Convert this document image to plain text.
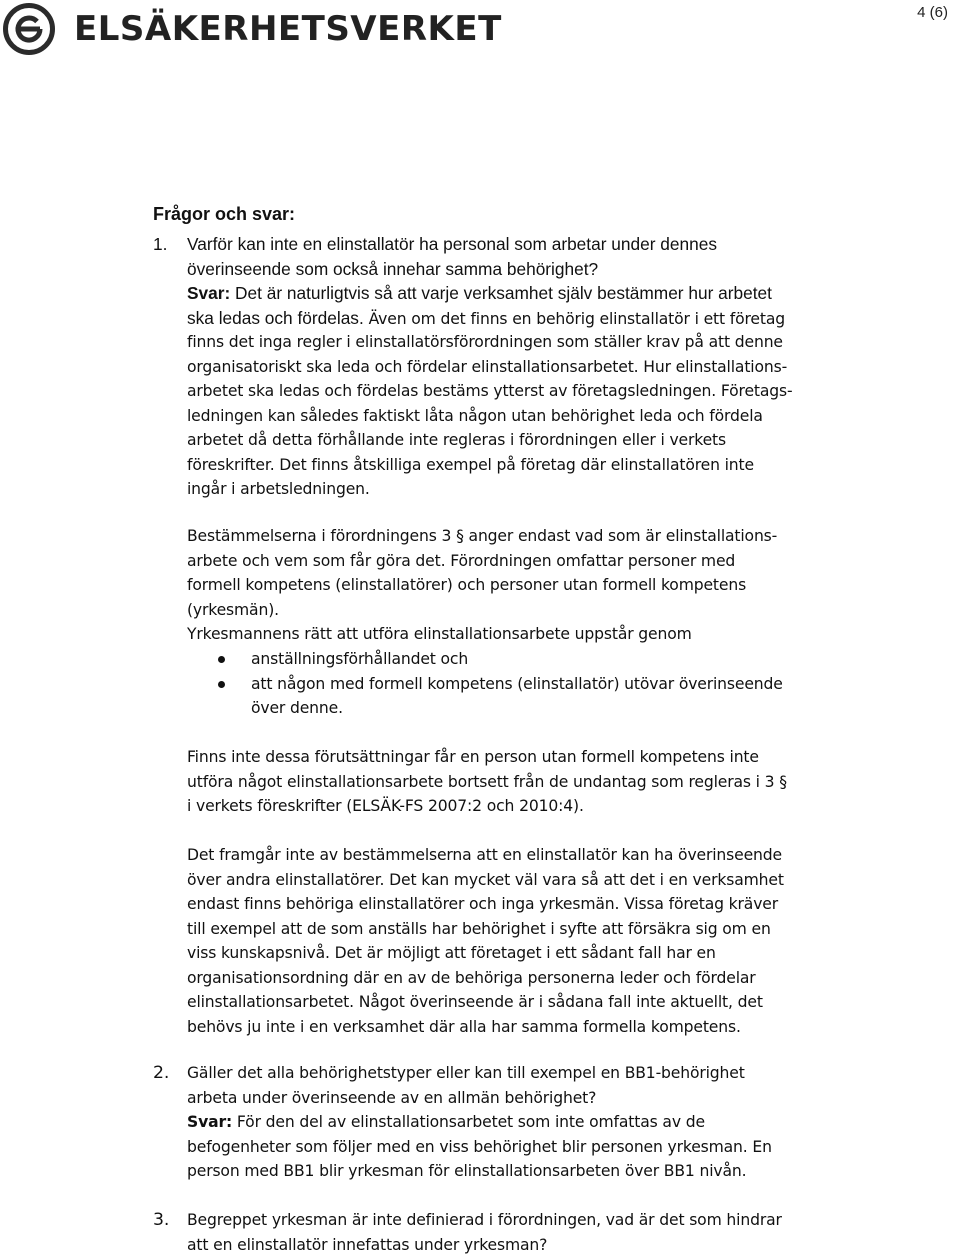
ELSÄKERHETSVERKET	4 (6)
Frågor och svar:
1. Varför kan inte en elinstallatör ha personal som arbetar under dennes
överinseende som också innehar samma behörighet?
Svar: Det är naturligtvis så att varje verksamhet själv bestämmer hur arbetet
ska ledas och fördelas. Även om det finns en behörig elinstallatör i ett företag
finns det inga regler i elinstallatörsförordningen som ställer krav på att denne
organisatoriskt ska leda och fördelar elinstallationsarbetet. Hur elinstallations-
arbetet ska ledas och fördelas bestäms ytterst av företagsledningen. Företags-
ledningen kan således faktiskt låta någon utan behörighet leda och fördela
arbetet då detta förhållande inte regleras i förordningen eller i verkets
föreskrifter. Det finns åtskilliga exempel på företag där elinstallatören inte
ingår i arbetsledningen.
Bestämmelserna i förordningens 3 § anger endast vad som är elinstallations-
arbete och vem som får göra det. Förordningen omfattar personer med
formell kompetens (elinstallatörer) och personer utan formell kompetens
(yrkesmän).
Yrkesmannens rätt att utföra elinstallationsarbete uppstår genom
anställningsförhållandet och
att någon med formell kompetens (elinstallatör) utövar överinseende
över denne.
Finns inte dessa förutsättningar får en person utan formell kompetens inte
utföra något elinstallationsarbete bortsett från de undantag som regleras i 3 §
i verkets föreskrifter (ELSÄK-FS 2007:2 och 2010:4).
Det framgår inte av bestämmelserna att en elinstallatör kan ha överinseende
över andra elinstallatörer. Det kan mycket väl vara så att det i en verksamhet
endast finns behöriga elinstallatörer och inga yrkesmän. Vissa företag kräver
till exempel att de som anställs har behörighet i syfte att försäkra sig om en
viss kunskapsnivå. Det är möjligt att företaget i ett sådant fall har en
organisationsordning där en av de behöriga personerna leder och fördelar
elinstallationsarbetet. Något överinseende är i sådana fall inte aktuellt, det
behövs ju inte i en verksamhet där alla har samma formella kompetens.
2. Gäller det alla behörighetstyper eller kan till exempel en BB1-behörighet
arbeta under överinseende av en allmän behörighet?
Svar: För den del av elinstallationsarbetet som inte omfattas av de
befogenheter som följer med en viss behörighet blir personen yrkesman. En
person med BB1 blir yrkesman för elinstallationsarbeten över BB1 nivån.
3. Begreppet yrkesman är inte definierad i förordningen, vad är det som hindrar
att en elinstallatör innefattas under yrkesman?
